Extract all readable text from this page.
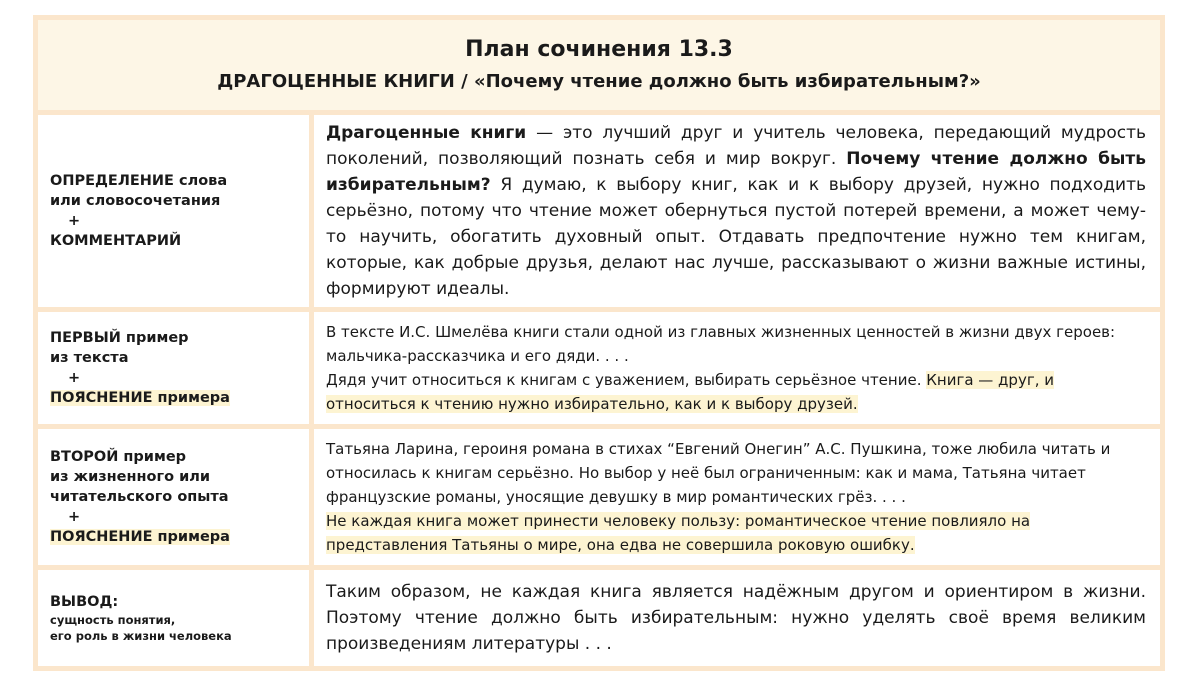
План сочинения 13.3
ДРАГОЦЕННЫЕ КНИГИ / «Почему чтение должно быть избирательным?»
ОПРЕДЕЛЕНИЕ слова
или словосочетания
+
КОММЕНТАРИЙ
Драгоценные книги — это лучший друг и учитель человека, передающий мудрость поколений, позволяющий познать себя и мир вокруг. Почему чтение должно быть избирательным? Я думаю, к выбору книг, как и к выбору друзей, нужно подходить серьёзно, потому что чтение может обернуться пустой потерей времени, а может чему-то научить, обогатить духовный опыт. Отдавать предпочтение нужно тем книгам, которые, как добрые друзья, делают нас лучше, рассказывают о жизни важные истины, формируют идеалы.
ПЕРВЫЙ пример
из текста
+
ПОЯСНЕНИЕ примера
В тексте И.С. Шмелёва книги стали одной из главных жизненных ценностей в жизни двух героев: мальчика-рассказчика и его дяди. . . .
Дядя учит относиться к книгам с уважением, выбирать серьёзное чтение. Книга — друг, и относиться к чтению нужно избирательно, как и к выбору друзей.
ВТОРОЙ пример
из жизненного или
читательского опыта
+
ПОЯСНЕНИЕ примера
Татьяна Ларина, героиня романа в стихах “Евгений Онегин” А.С. Пушкина, тоже любила читать и относилась к книгам серьёзно. Но выбор у неё был ограниченным: как и мама, Татьяна читает французские романы, уносящие девушку в мир романтических грёз. . . .
Не каждая книга может принести человеку пользу: романтическое чтение повлияло на представления Татьяны о мире, она едва не совершила роковую ошибку.
ВЫВОД:
сущность понятия,
его роль в жизни человека
Таким образом, не каждая книга является надёжным другом и ориентиром в жизни. Поэтому чтение должно быть избирательным: нужно уделять своё время великим произведениям литературы . . .
